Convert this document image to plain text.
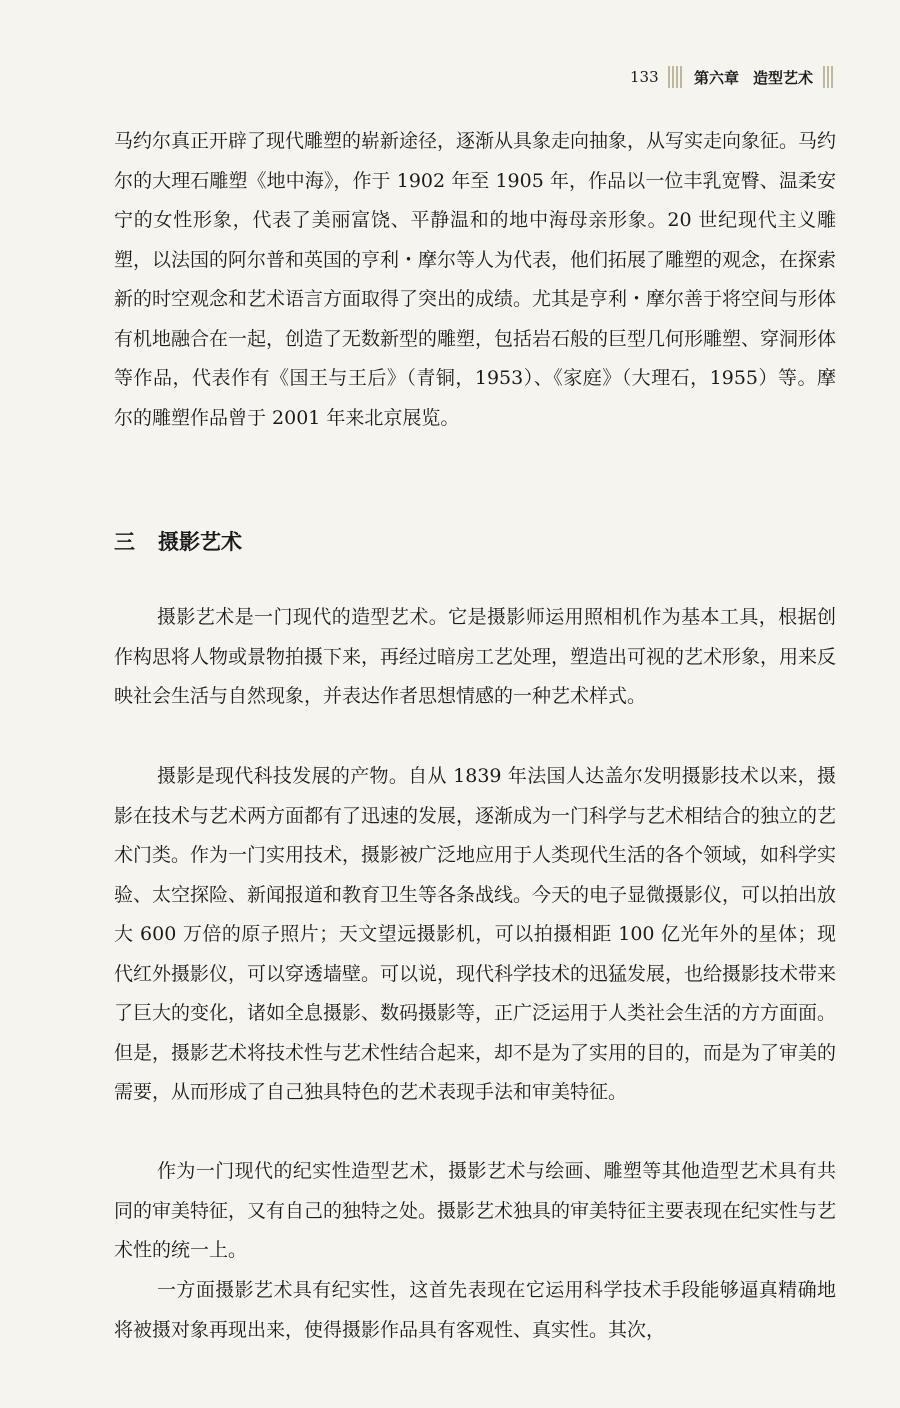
133 第六章 造型艺术

马约尔真正开辟了现代雕塑的崭新途径，逐渐从具象走向抽象，从写实走向象征。马约尔的大理石雕塑《地中海》，作于 1902 年至 1905 年，作品以一位丰乳宽臀、温柔安宁的女性形象，代表了美丽富饶、平静温和的地中海母亲形象。20 世纪现代主义雕塑，以法国的阿尔普和英国的亨利・摩尔等人为代表，他们拓展了雕塑的观念，在探索新的时空观念和艺术语言方面取得了突出的成绩。尤其是亨利・摩尔善于将空间与形体有机地融合在一起，创造了无数新型的雕塑，包括岩石般的巨型几何形雕塑、穿洞形体等作品，代表作有《国王与王后》（青铜，1953）、《家庭》（大理石，1955）等。摩尔的雕塑作品曾于 2001 年来北京展览。

三 摄影艺术

摄影艺术是一门现代的造型艺术。它是摄影师运用照相机作为基本工具，根据创作构思将人物或景物拍摄下来，再经过暗房工艺处理，塑造出可视的艺术形象，用来反映社会生活与自然现象，并表达作者思想情感的一种艺术样式。

摄影是现代科技发展的产物。自从 1839 年法国人达盖尔发明摄影技术以来，摄影在技术与艺术两方面都有了迅速的发展，逐渐成为一门科学与艺术相结合的独立的艺术门类。作为一门实用技术，摄影被广泛地应用于人类现代生活的各个领域，如科学实验、太空探险、新闻报道和教育卫生等各条战线。今天的电子显微摄影仪，可以拍出放大 600 万倍的原子照片；天文望远摄影机，可以拍摄相距 100 亿光年外的星体；现代红外摄影仪，可以穿透墙壁。可以说，现代科学技术的迅猛发展，也给摄影技术带来了巨大的变化，诸如全息摄影、数码摄影等，正广泛运用于人类社会生活的方方面面。但是，摄影艺术将技术性与艺术性结合起来，却不是为了实用的目的，而是为了审美的需要，从而形成了自己独具特色的艺术表现手法和审美特征。

作为一门现代的纪实性造型艺术，摄影艺术与绘画、雕塑等其他造型艺术具有共同的审美特征，又有自己的独特之处。摄影艺术独具的审美特征主要表现在纪实性与艺术性的统一上。

一方面摄影艺术具有纪实性，这首先表现在它运用科学技术手段能够逼真精确地将被摄对象再现出来，使得摄影作品具有客观性、真实性。其次，
